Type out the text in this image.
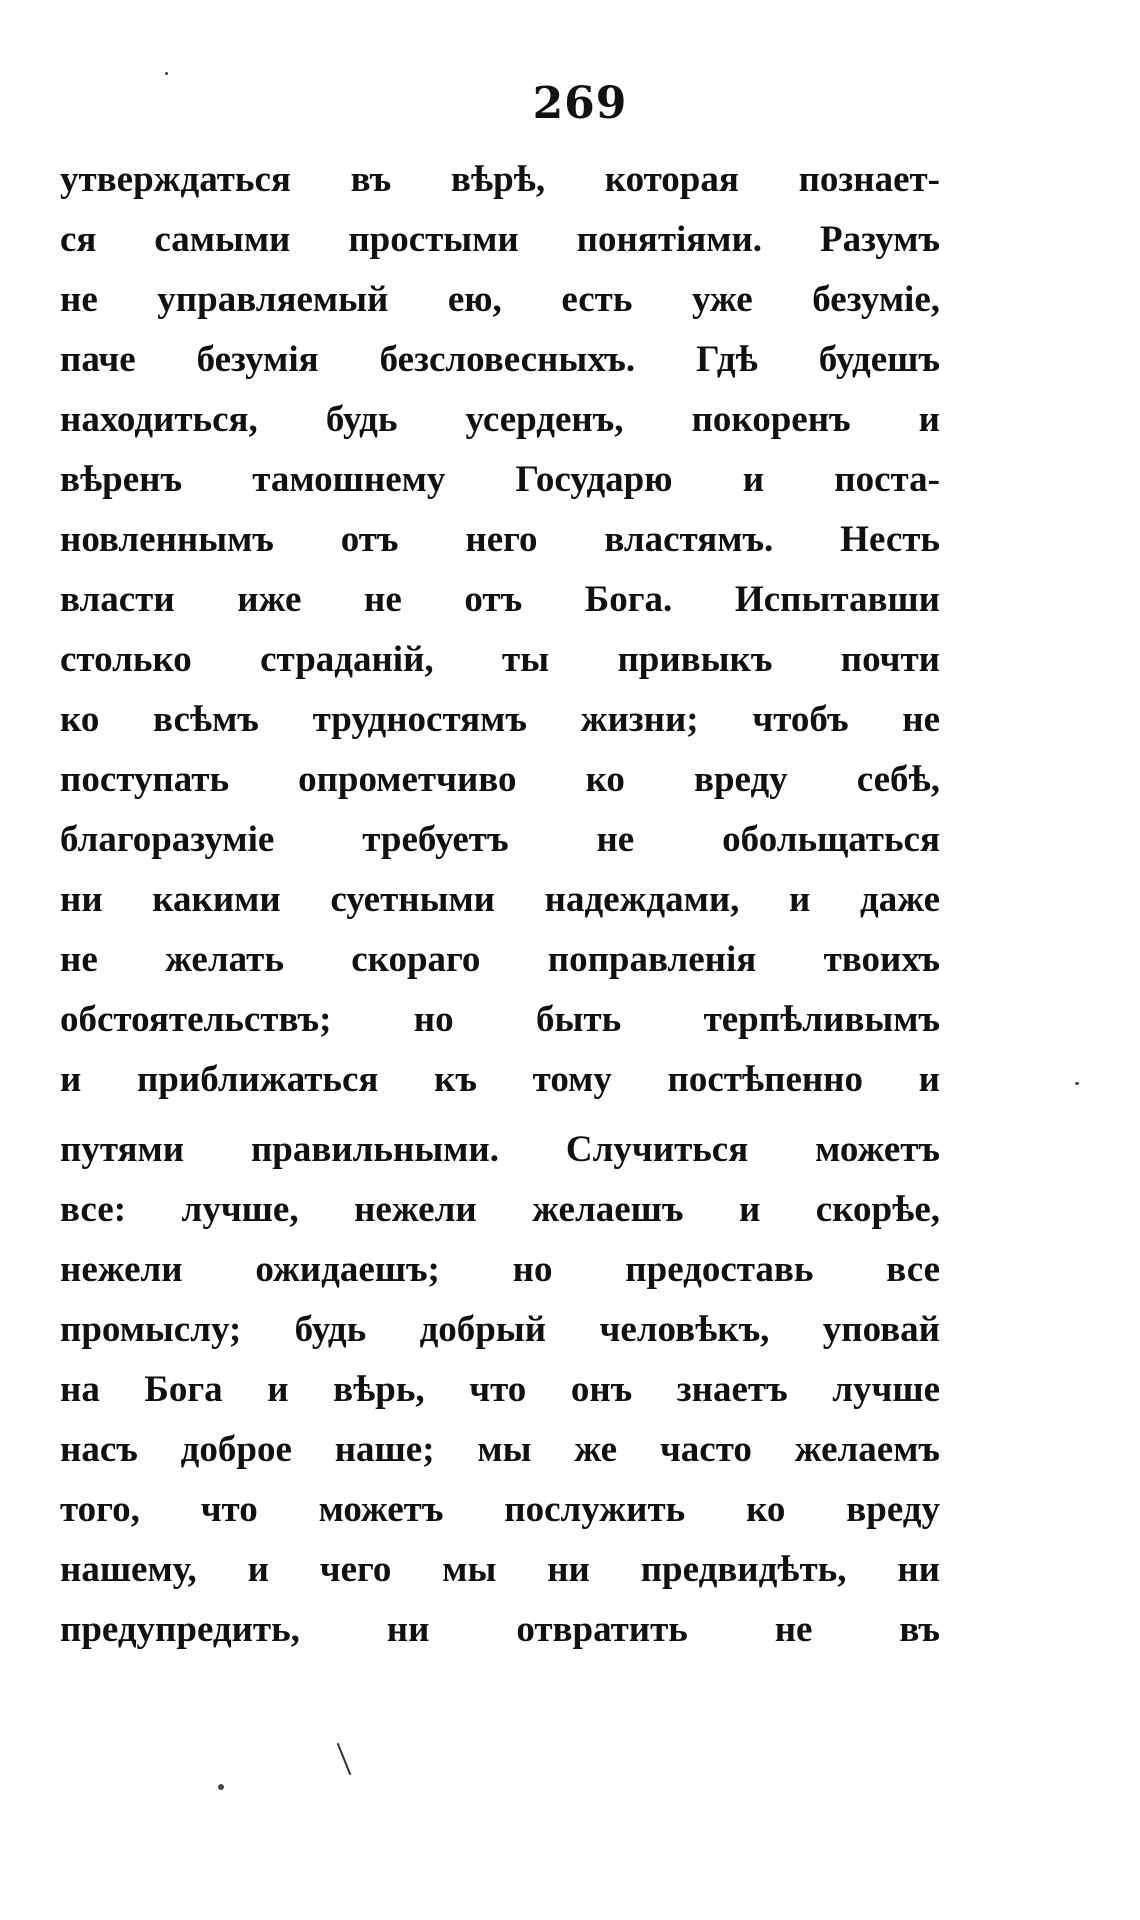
269
утверждаться въ вѣрѣ, которая познает-
ся самыми простыми понятіями. Разумъ
не управляемый ею, есть уже безуміе,
паче безумія безсловесныхъ. Гдѣ будешъ
находиться, будь усерденъ, покоренъ и
вѣренъ тамошнему Государю и поста-
новленнымъ отъ него властямъ. Несть
власти иже не отъ Бога. Испытавши
столько страданій, ты привыкъ почти
ко всѣмъ трудностямъ жизни; чтобъ не
поступать опрометчиво ко вреду себѣ,
благоразуміе требуетъ не обольщаться
ни какими суетными надеждами, и даже
не желать скораго поправленія твоихъ
обстоятельствъ; но быть терпѣливымъ
и приближаться къ тому постѣпенно и
путями правильными. Случиться можетъ
все: лучше, нежели желаешъ и скорѣе,
нежели ожидаешъ; но предоставь все
промыслу; будь добрый человѣкъ, уповай
на Бога и вѣрь, что онъ знаетъ лучше
насъ доброе наше; мы же часто желаемъ
того, что можетъ послужить ко вреду
нашему, и чего мы ни предвидѣть, ни
предупредить, ни отвратить не въ
